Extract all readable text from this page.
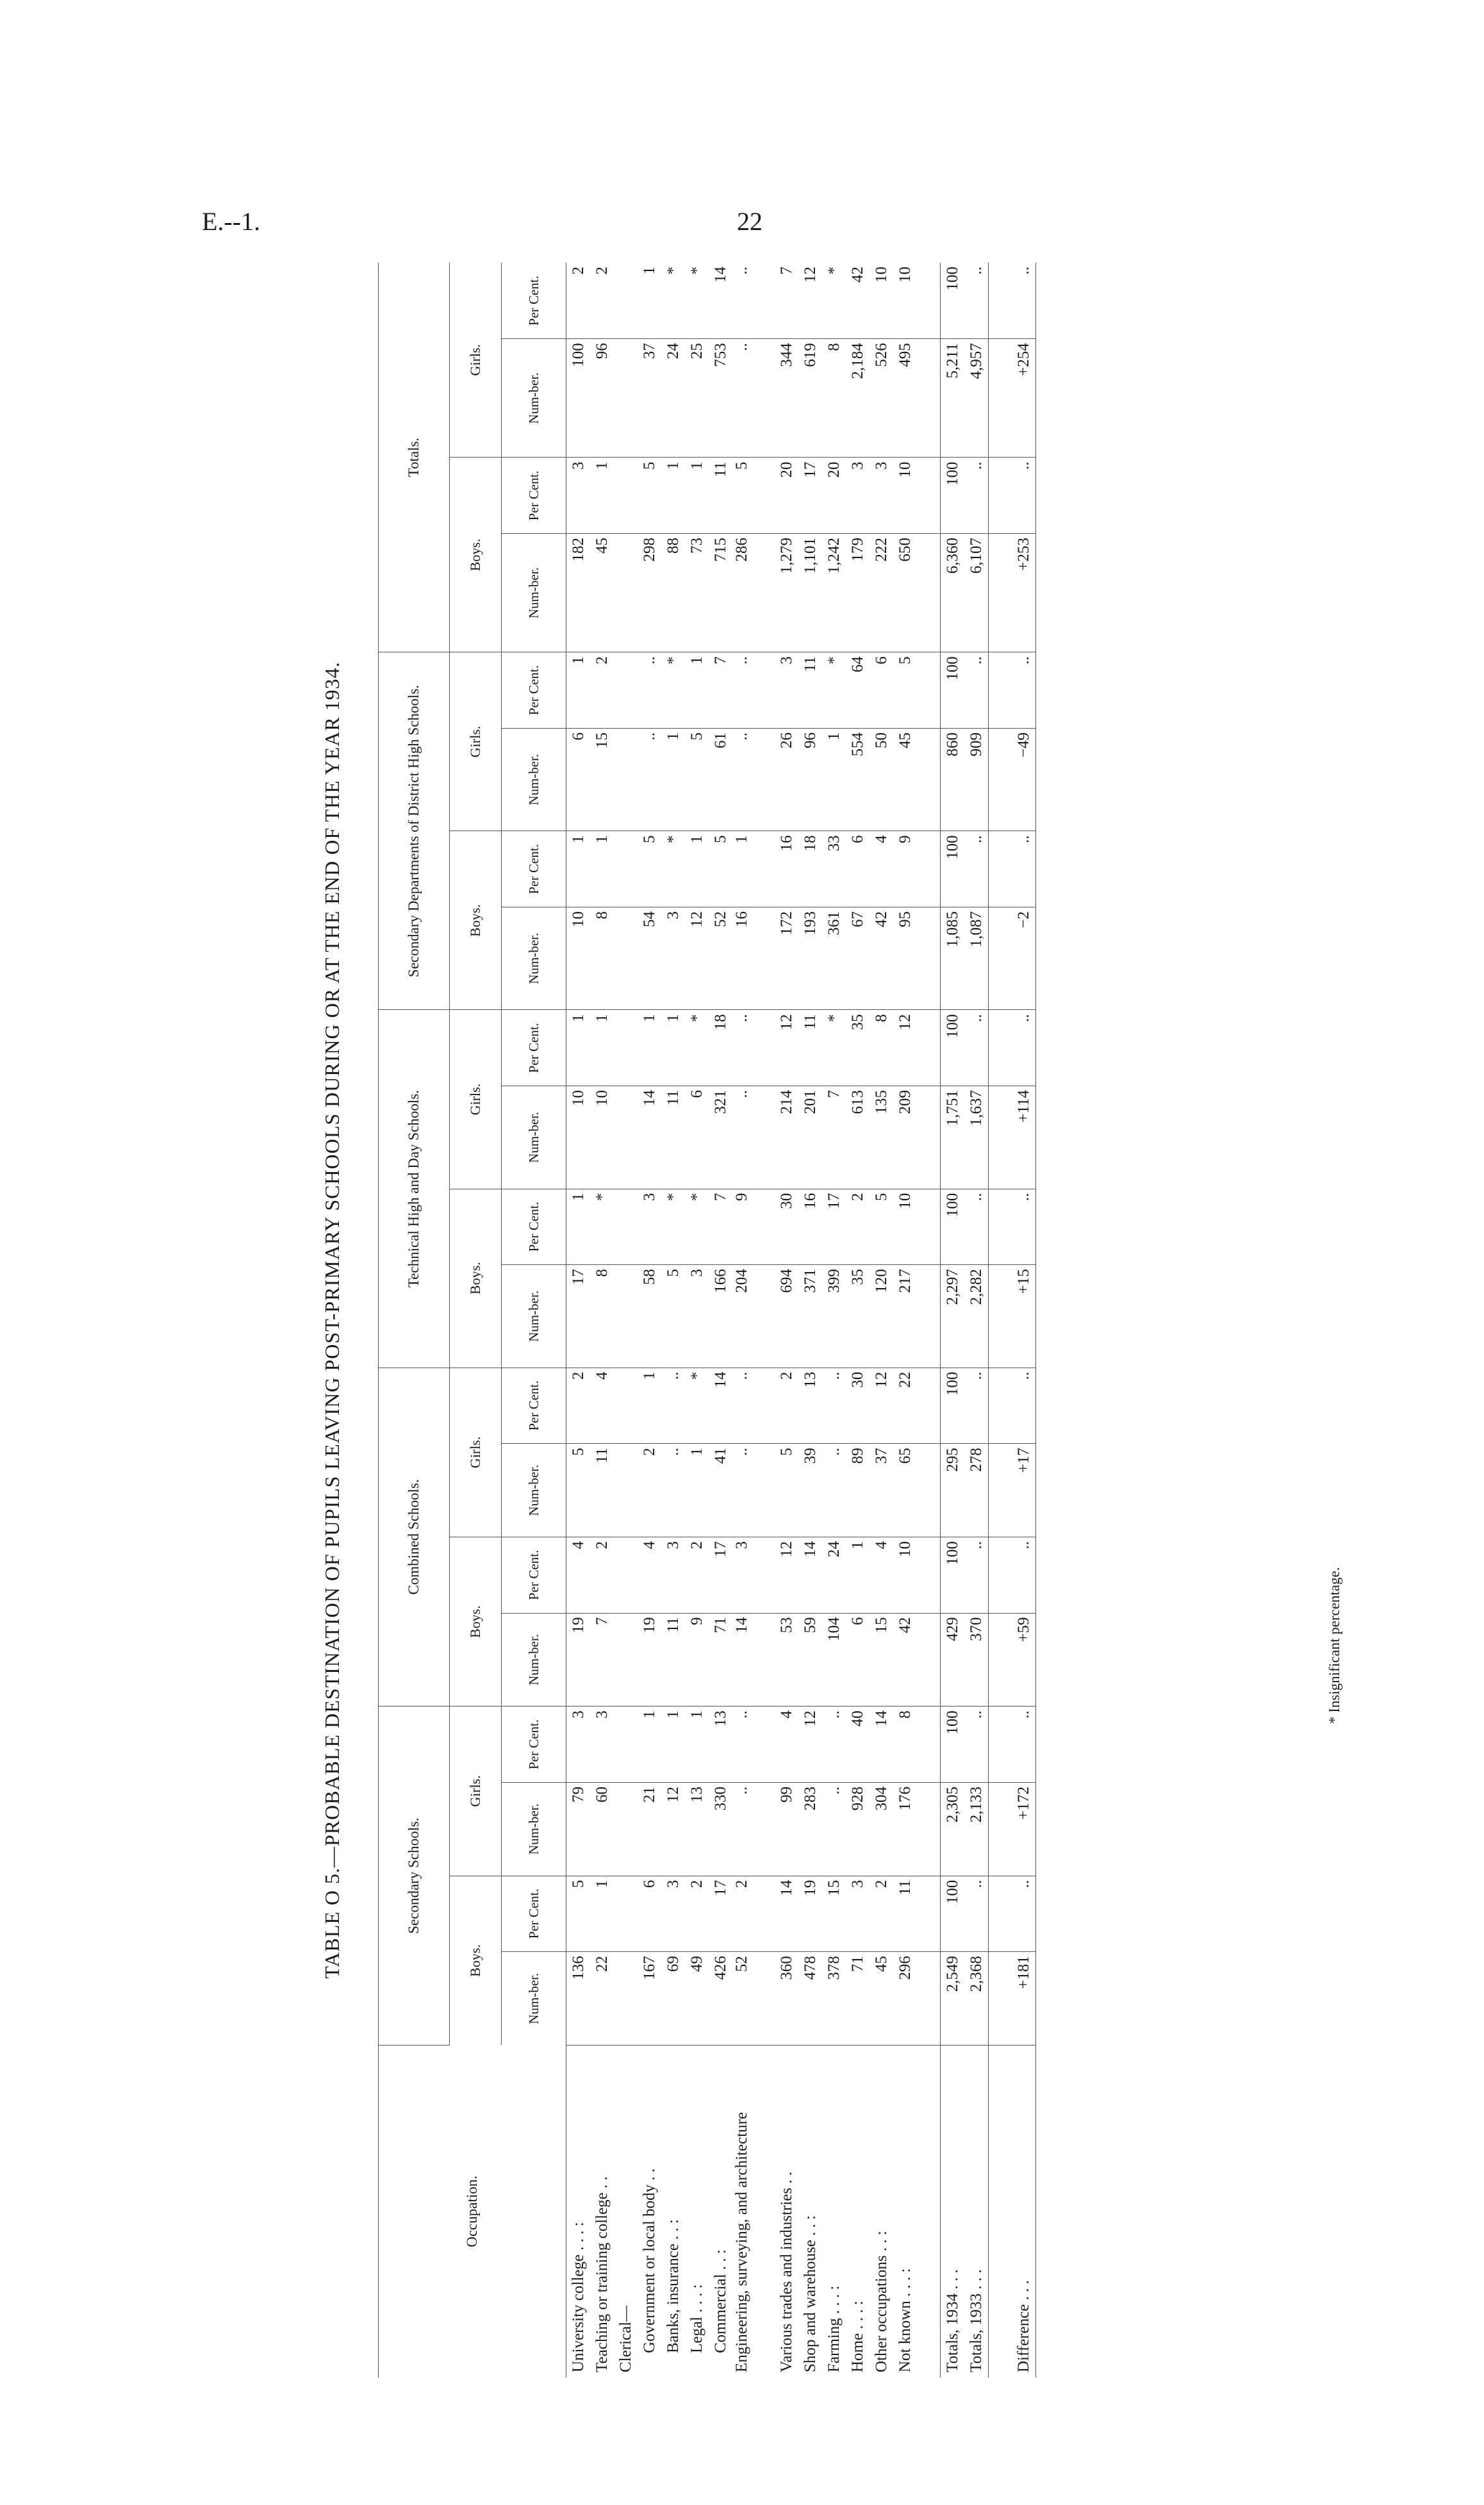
E.--1.	22
TABLE O 5.—PROBABLE DESTINATION OF PUPILS LEAVING POST-PRIMARY SCHOOLS DURING OR AT THE END OF THE YEAR 1934.
Occupation.	Secondary Schools.				Combined Schools.				Technical High and Day Schools.				Secondary Departments of District High Schools.				Totals.			
	Boys.		Girls.		Boys.		Girls.		Boys.		Girls.		Boys.		Girls.		Boys.		Girls.	
	Num-ber.	Per Cent.	Num-ber.	Per Cent.	Num-ber.	Per Cent.	Num-ber.	Per Cent.	Num-ber.	Per Cent.	Num-ber.	Per Cent.	Num-ber.	Per Cent.	Num-ber.	Per Cent.	Num-ber.	Per Cent.	Num-ber.	Per Cent.
University college . . . :	136	5	79	3	19	4	5	2	17	1	10	1	10	1	6	1	182	3	100	2
Teaching or training college . .	22	1	60	3	7	2	11	4	8	*	10	1	8	1	15	2	45	1	96	2
Clerical—																				
Government or local body . .	167	6	21	1	19	4	2	1	58	3	14	1	54	5	..	..	298	5	37	1
Banks, insurance . . :	69	3	12	1	11	3	..	..	5	*	11	1	3	*	1	*	88	1	24	*
Legal . . . :	49	2	13	1	9	2	1	*	3	*	6	*	12	1	5	1	73	1	25	*
Commercial . . :	426	17	330	13	71	17	41	14	166	7	321	18	52	5	61	7	715	11	753	14
Engineering, surveying, and architecture	52	2	..	..	14	3	..	..	204	9	..	..	16	1	..	..	286	5	..	..
Various trades and industries . .	360	14	99	4	53	12	5	2	694	30	214	12	172	16	26	3	1,279	20	344	7
Shop and warehouse . . :	478	19	283	12	59	14	39	13	371	16	201	11	193	18	96	11	1,101	17	619	12
Farming . . . :	378	15	..	..	104	24	..	..	399	17	7	*	361	33	1	*	1,242	20	8	*
Home . . . :	71	3	928	40	6	1	89	30	35	2	613	35	67	6	554	64	179	3	2,184	42
Other occupations . . :	45	2	304	14	15	4	37	12	120	5	135	8	42	4	50	6	222	3	526	10
Not known . . . :	296	11	176	8	42	10	65	22	217	10	209	12	95	9	45	5	650	10	495	10

Totals, 1934 . . .	2,549	100	2,305	100	429	100	295	100	2,297	100	1,751	100	1,085	100	860	100	6,360	100	5,211	100
Totals, 1933 . . .	2,368	..	2,133	..	370	..	278	..	2,282	..	1,637	..	1,087	..	909	..	6,107	..	4,957	..

Difference . . .	+181	..	+172	..	+59	..	+17	..	+15	..	+114	..	−2	..	−49	..	+253	..	+254	..
* Insignificant percentage.
